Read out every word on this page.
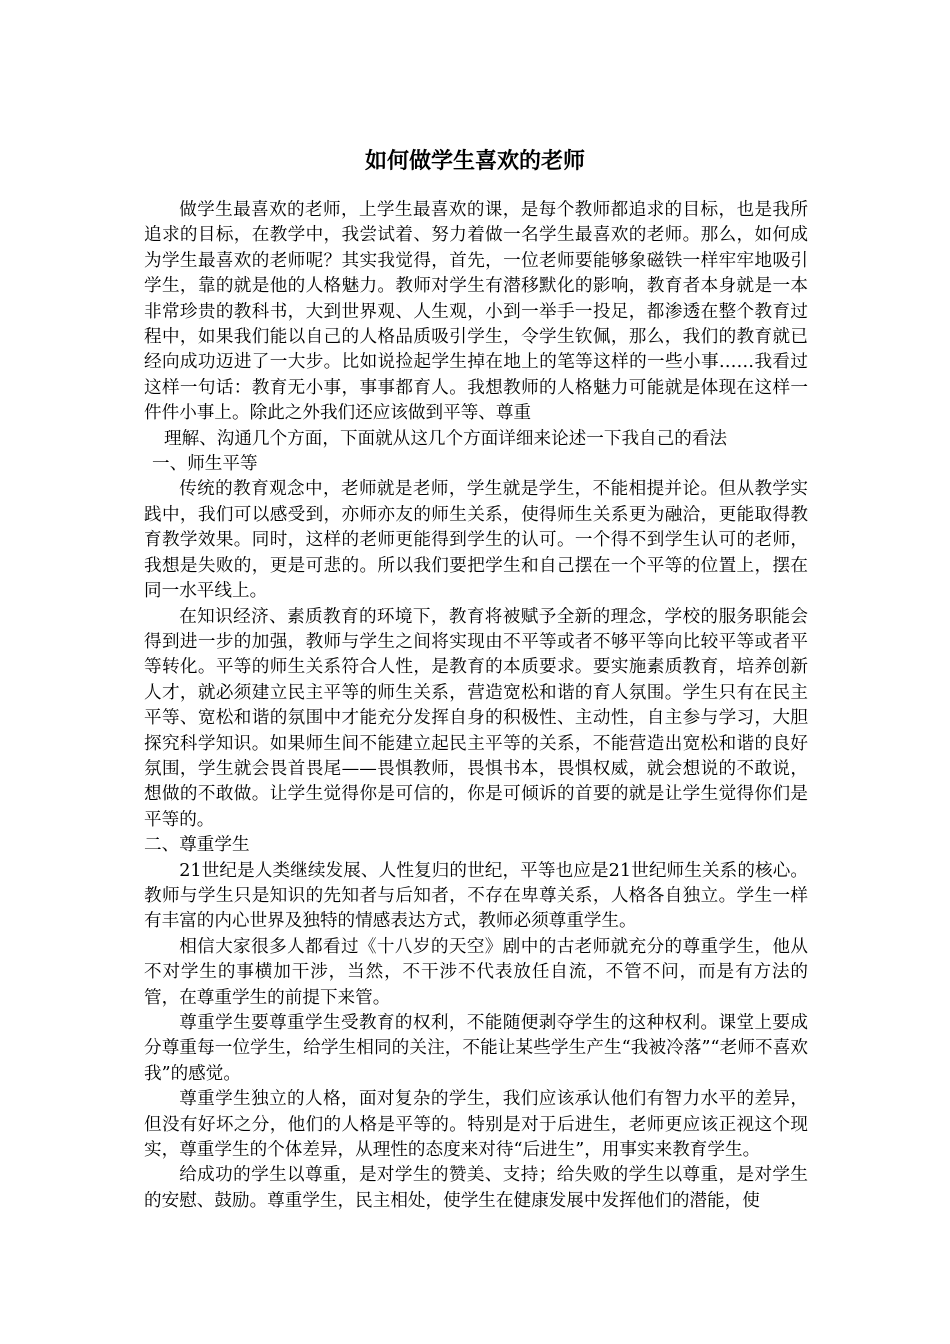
如何做学生喜欢的老师

做学生最喜欢的老师，上学生最喜欢的课，是每个教师都追求的目标，也是我所追求的目标，在教学中，我尝试着、努力着做一名学生最喜欢的老师。那么，如何成为学生最喜欢的老师呢？其实我觉得，首先，一位老师要能够象磁铁一样牢牢地吸引学生，靠的就是他的人格魅力。教师对学生有潜移默化的影响，教育者本身就是一本非常珍贵的教科书，大到世界观、人生观，小到一举手一投足，都渗透在整个教育过程中，如果我们能以自己的人格品质吸引学生，令学生钦佩，那么，我们的教育就已经向成功迈进了一大步。比如说捡起学生掉在地上的笔等这样的一些小事……我看过这样一句话：教育无小事，事事都育人。我想教师的人格魅力可能就是体现在这样一件件小事上。除此之外我们还应该做到平等、尊重

理解、沟通几个方面，下面就从这几个方面详细来论述一下我自己的看法

一、师生平等

传统的教育观念中，老师就是老师，学生就是学生，不能相提并论。但从教学实践中，我们可以感受到，亦师亦友的师生关系，使得师生关系更为融洽，更能取得教育教学效果。同时，这样的老师更能得到学生的认可。一个得不到学生认可的老师，我想是失败的，更是可悲的。所以我们要把学生和自己摆在一个平等的位置上，摆在同一水平线上。

在知识经济、素质教育的环境下，教育将被赋予全新的理念，学校的服务职能会得到进一步的加强，教师与学生之间将实现由不平等或者不够平等向比较平等或者平等转化。平等的师生关系符合人性，是教育的本质要求。要实施素质教育，培养创新人才，就必须建立民主平等的师生关系，营造宽松和谐的育人氛围。学生只有在民主平等、宽松和谐的氛围中才能充分发挥自身的积极性、主动性，自主参与学习，大胆探究科学知识。如果师生间不能建立起民主平等的关系，不能营造出宽松和谐的良好氛围，学生就会畏首畏尾——畏惧教师，畏惧书本，畏惧权威，就会想说的不敢说，想做的不敢做。让学生觉得你是可信的，你是可倾诉的首要的就是让学生觉得你们是平等的。

二、尊重学生

21世纪是人类继续发展、人性复归的世纪，平等也应是21世纪师生关系的核心。教师与学生只是知识的先知者与后知者，不存在卑尊关系，人格各自独立。学生一样有丰富的内心世界及独特的情感表达方式，教师必须尊重学生。

相信大家很多人都看过《十八岁的天空》剧中的古老师就充分的尊重学生，他从不对学生的事横加干涉，当然，不干涉不代表放任自流，不管不问，而是有方法的管，在尊重学生的前提下来管。

尊重学生要尊重学生受教育的权利，不能随便剥夺学生的这种权利。课堂上要成分尊重每一位学生，给学生相同的关注，不能让某些学生产生“我被冷落”“老师不喜欢我”的感觉。

尊重学生独立的人格，面对复杂的学生，我们应该承认他们有智力水平的差异，但没有好坏之分，他们的人格是平等的。特别是对于后进生，老师更应该正视这个现实，尊重学生的个体差异，从理性的态度来对待“后进生”，用事实来教育学生。

给成功的学生以尊重，是对学生的赞美、支持；给失败的学生以尊重，是对学生的安慰、鼓励。尊重学生，民主相处，使学生在健康发展中发挥他们的潜能，使
